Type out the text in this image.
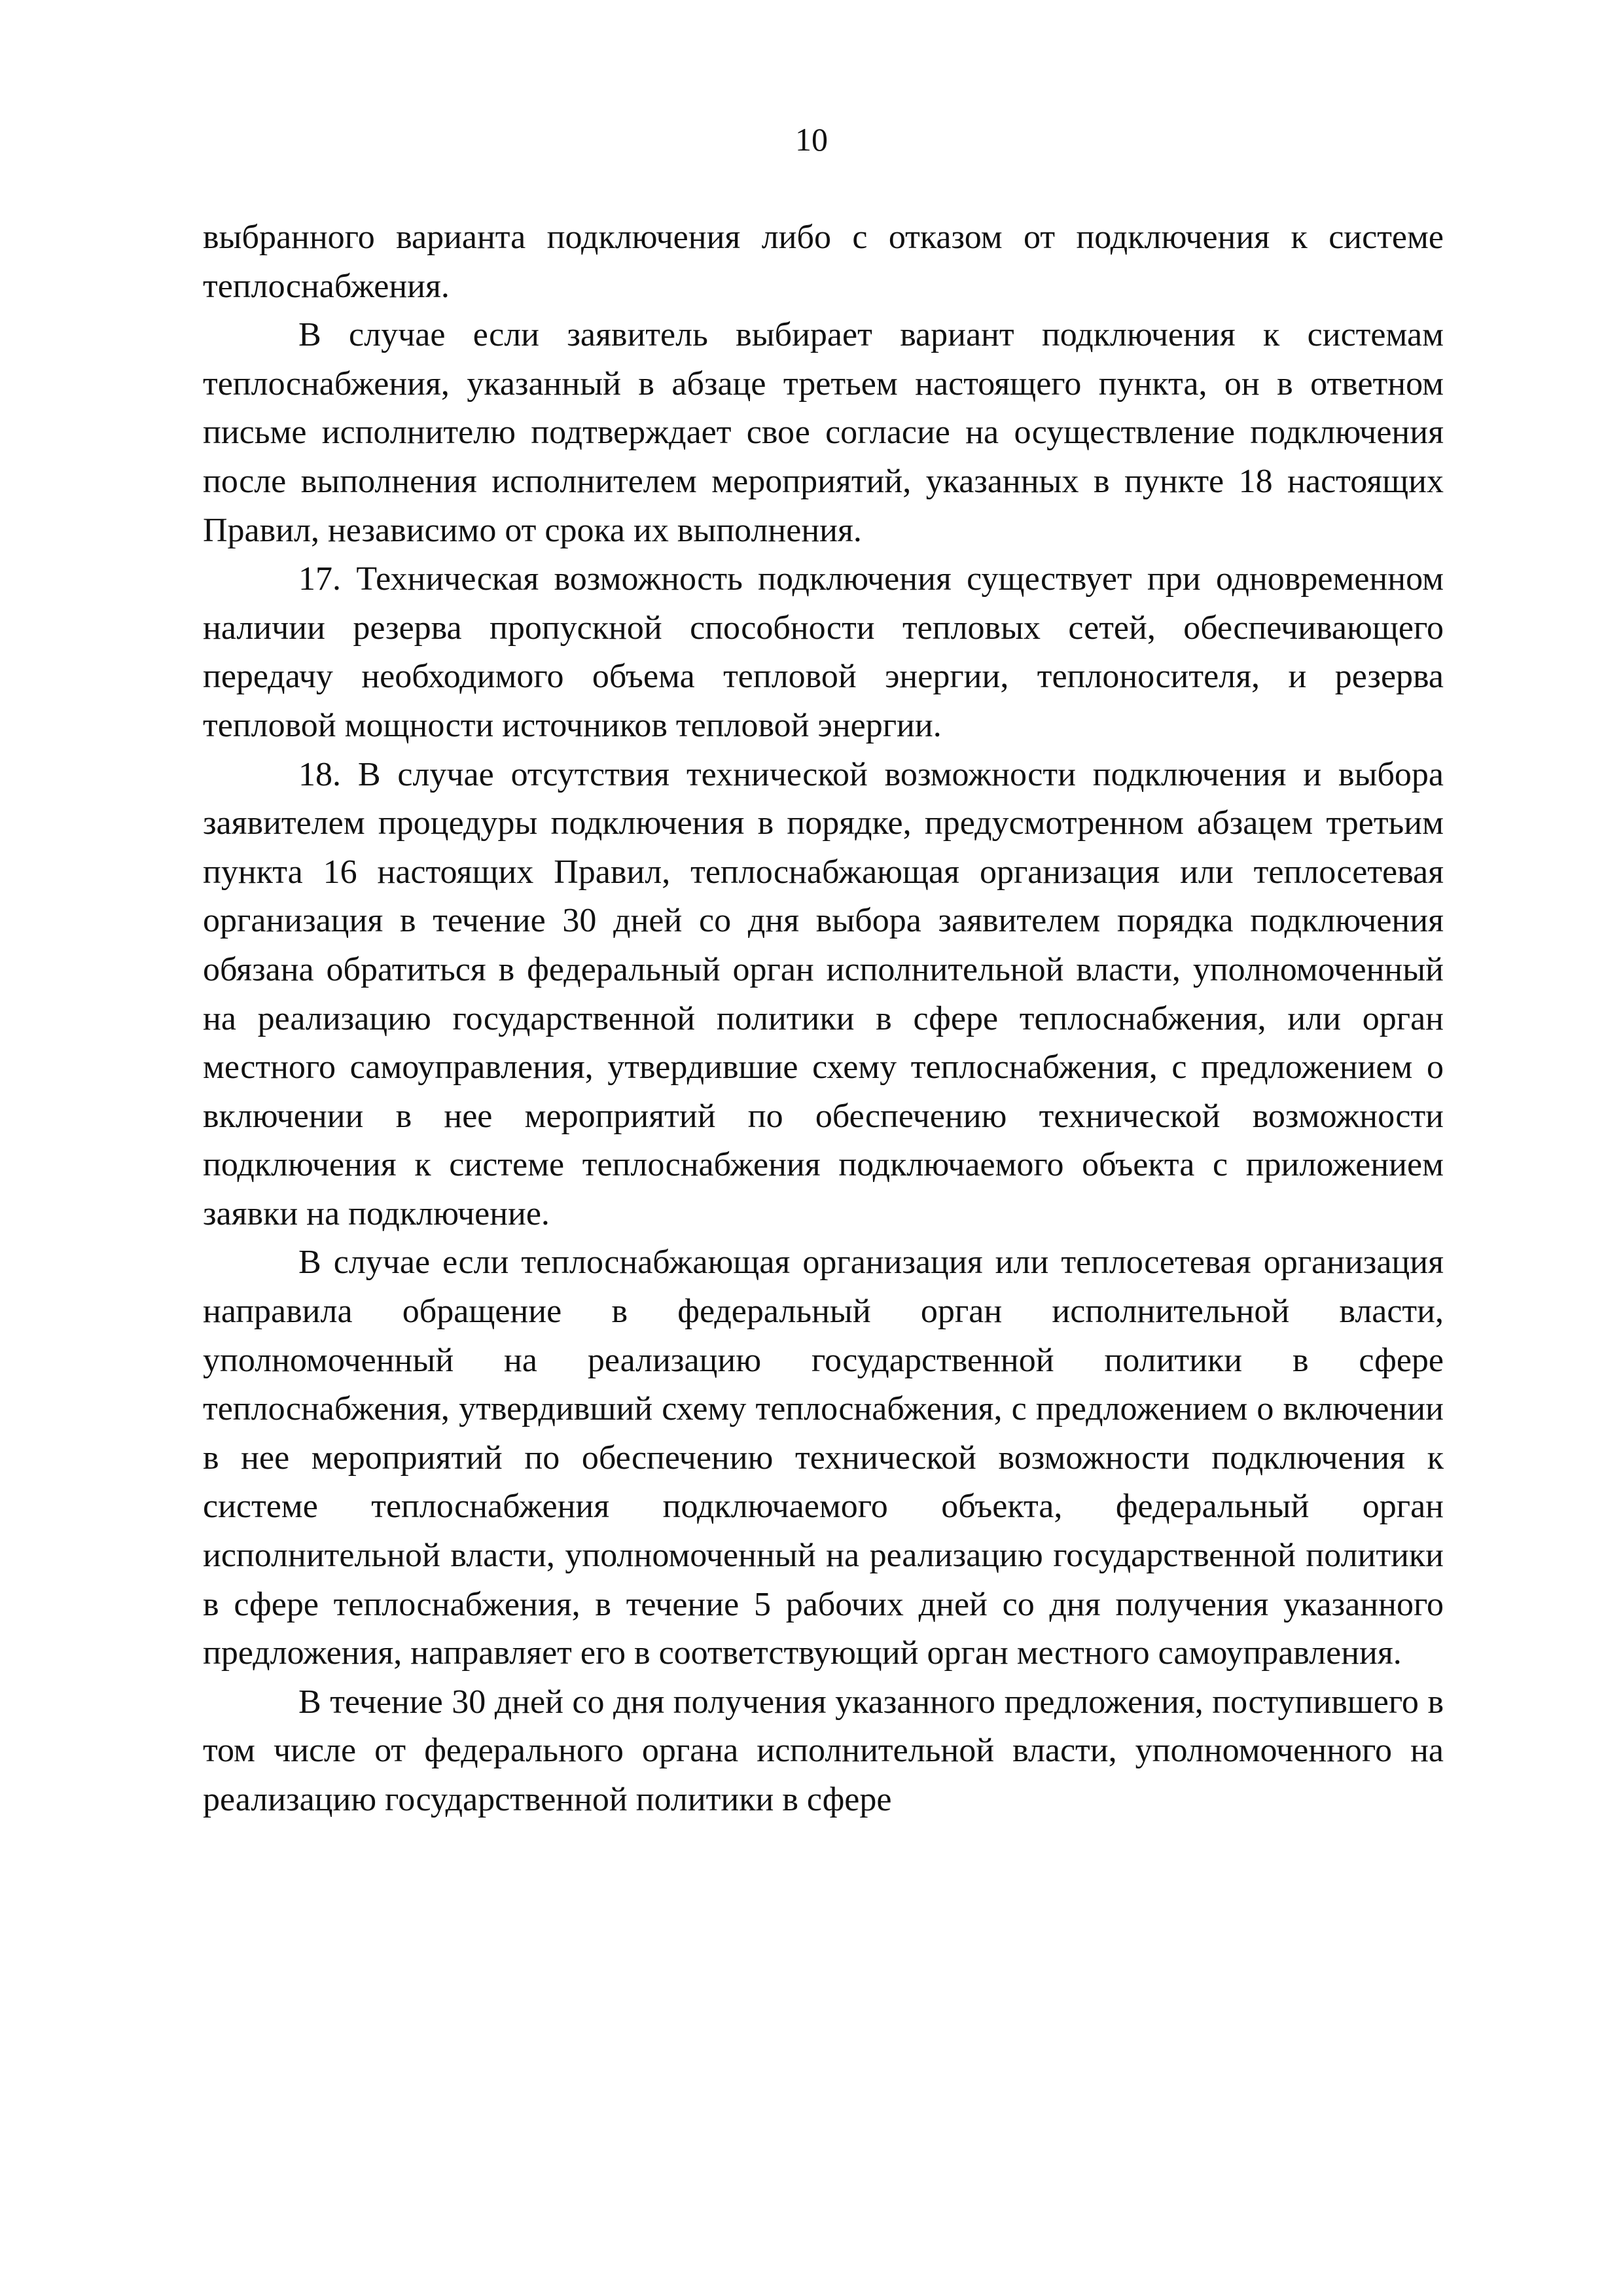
10

выбранного варианта подключения либо с отказом от подключения к системе теплоснабжения.

В случае если заявитель выбирает вариант подключения к системам теплоснабжения, указанный в абзаце третьем настоящего пункта, он в ответном письме исполнителю подтверждает свое согласие на осуществление подключения после выполнения исполнителем мероприятий, указанных в пункте 18 настоящих Правил, независимо от срока их выполнения.

17. Техническая возможность подключения существует при одновременном наличии резерва пропускной способности тепловых сетей, обеспечивающего передачу необходимого объема тепловой энергии, теплоносителя, и резерва тепловой мощности источников тепловой энергии.

18. В случае отсутствия технической возможности подключения и выбора заявителем процедуры подключения в порядке, предусмотренном абзацем третьим пункта 16 настоящих Правил, теплоснабжающая организация или теплосетевая организация в течение 30 дней со дня выбора заявителем порядка подключения обязана обратиться в федеральный орган исполнительной власти, уполномоченный на реализацию государственной политики в сфере теплоснабжения, или орган местного самоуправления, утвердившие схему теплоснабжения, с предложением о включении в нее мероприятий по обеспечению технической возможности подключения к системе теплоснабжения подключаемого объекта с приложением заявки на подключение.

В случае если теплоснабжающая организация или теплосетевая организация направила обращение в федеральный орган исполнительной власти, уполномоченный на реализацию государственной политики в сфере теплоснабжения, утвердивший схему теплоснабжения, с предложением о включении в нее мероприятий по обеспечению технической возможности подключения к системе теплоснабжения подключаемого объекта, федеральный орган исполнительной власти, уполномоченный на реализацию государственной политики в сфере теплоснабжения, в течение 5 рабочих дней со дня получения указанного предложения, направляет его в соответствующий орган местного самоуправления.

В течение 30 дней со дня получения указанного предложения, поступившего в том числе от федерального органа исполнительной власти, уполномоченного на реализацию государственной политики в сфере
